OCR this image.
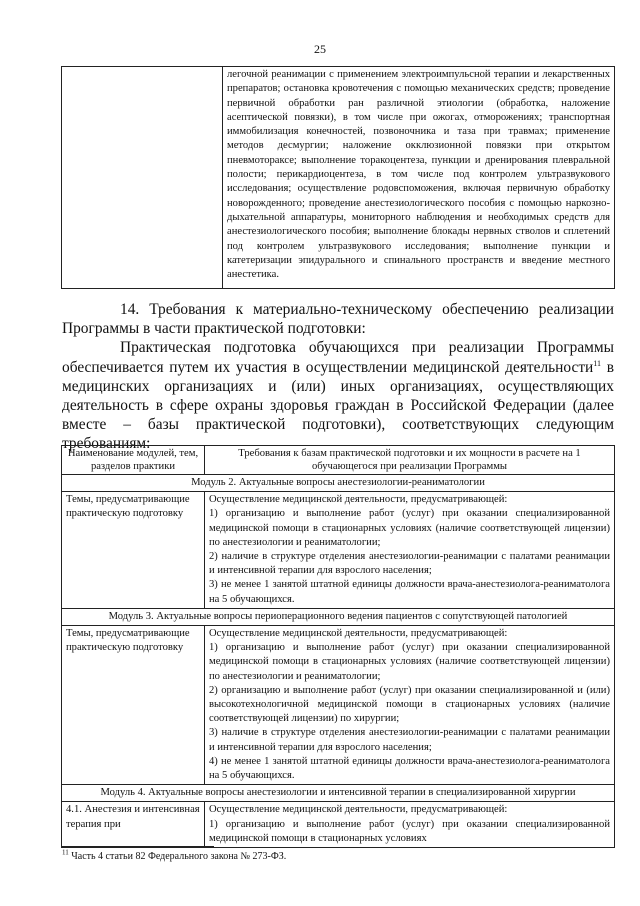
25
	легочной реанимации с применением электроимпульсной терапии и лекарственных препаратов; остановка кровотечения с помощью механических средств; проведение первичной обработки ран различной этиологии (обработка, наложение асептической повязки), в том числе при ожогах, отморожениях; транспортная иммобилизация конечностей, позвоночника и таза при травмах; применение методов десмургии; наложение окклюзионной повязки при открытом пневмотораксе; выполнение торакоцентеза, пункции и дренирования плевральной полости; перикардиоцентеза, в том числе под контролем ультразвукового исследования; осуществление родовспоможения, включая первичную обработку новорожденного; проведение анестезиологического пособия с помощью наркозно-дыхательной аппаратуры, мониторного наблюдения и необходимых средств для анестезиологического пособия; выполнение блокады нервных стволов и сплетений под контролем ультразвукового исследования; выполнение пункции и катетеризации эпидурального и спинального пространств и введение местного анестетика.

14. Требования к материально-техническому обеспечению реализации Программы в части практической подготовки:

Практическая подготовка обучающихся при реализации Программы обеспечивается путем их участия в осуществлении медицинской деятельности$^{11}$ в медицинских организациях и (или) иных организациях, осуществляющих деятельность в сфере охраны здоровья граждан в Российской Федерации (далее вместе – базы практической подготовки), соответствующих следующим требованиям:

Наименование модулей, тем, разделов практики	Требования к базам практической подготовки и их мощности в расчете на 1 обучающегося при реализации Программы
Модуль 2. Актуальные вопросы анестезиологии-реаниматологии	
Темы, предусматривающие практическую подготовку	Осуществление медицинской деятельности, предусматривающей:
1) организацию и выполнение работ (услуг) при оказании специализированной медицинской помощи в стационарных условиях (наличие соответствующей лицензии) по анестезиологии и реаниматологии;
2) наличие в структуре отделения анестезиологии-реанимации с палатами реанимации и интенсивной терапии для взрослого населения;
3) не менее 1 занятой штатной единицы должности врача-анестезиолога-реаниматолога на 5 обучающихся.

Модуль 3. Актуальные вопросы периоперационного ведения пациентов с сопутствующей патологией	
Темы, предусматривающие практическую подготовку	Осуществление медицинской деятельности, предусматривающей:
1) организацию и выполнение работ (услуг) при оказании специализированной медицинской помощи в стационарных условиях (наличие соответствующей лицензии) по анестезиологии и реаниматологии;
2) организацию и выполнение работ (услуг) при оказании специализированной и (или) высокотехнологичной медицинской помощи в стационарных условиях (наличие соответствующей лицензии) по хирургии;
3) наличие в структуре отделения анестезиологии-реанимации с палатами реанимации и интенсивной терапии для взрослого населения;
4) не менее 1 занятой штатной единицы должности врача-анестезиолога-реаниматолога на 5 обучающихся.

Модуль 4. Актуальные вопросы анестезиологии и интенсивной терапии в специализированной хирургии	
4.1. Анестезия и интенсивная терапия при	Осуществление медицинской деятельности, предусматривающей:
1) организацию и выполнение работ (услуг) при оказании специализированной медицинской помощи в стационарных условиях
$^{11}$ Часть 4 статьи 82 Федерального закона № 273-ФЗ.
